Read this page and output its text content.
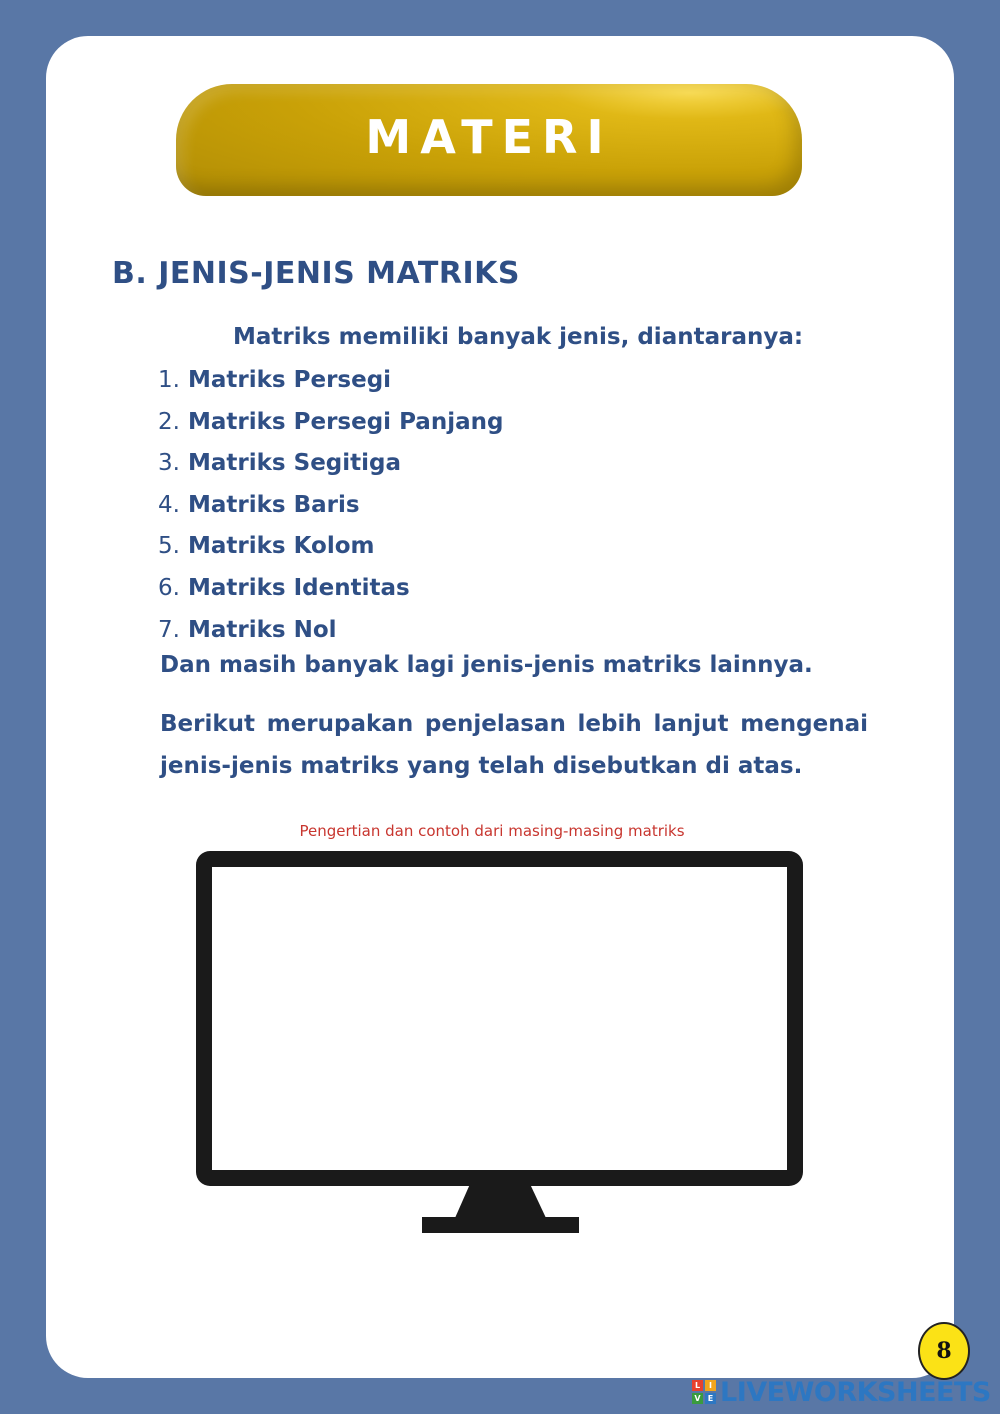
MATERI
B. JENIS-JENIS MATRIKS
Matriks memiliki banyak jenis, diantaranya:
1. Matriks Persegi
2. Matriks Persegi Panjang
3. Matriks Segitiga
4. Matriks Baris
5. Matriks Kolom
6. Matriks Identitas
7. Matriks Nol
Dan masih banyak lagi jenis-jenis matriks lainnya.

Berikut merupakan penjelasan lebih lanjut mengenai jenis-jenis matriks yang telah disebutkan di atas.

Pengertian dan contoh dari masing-masing matriks
8
L	I
V E LIVEWORKSHEETS
